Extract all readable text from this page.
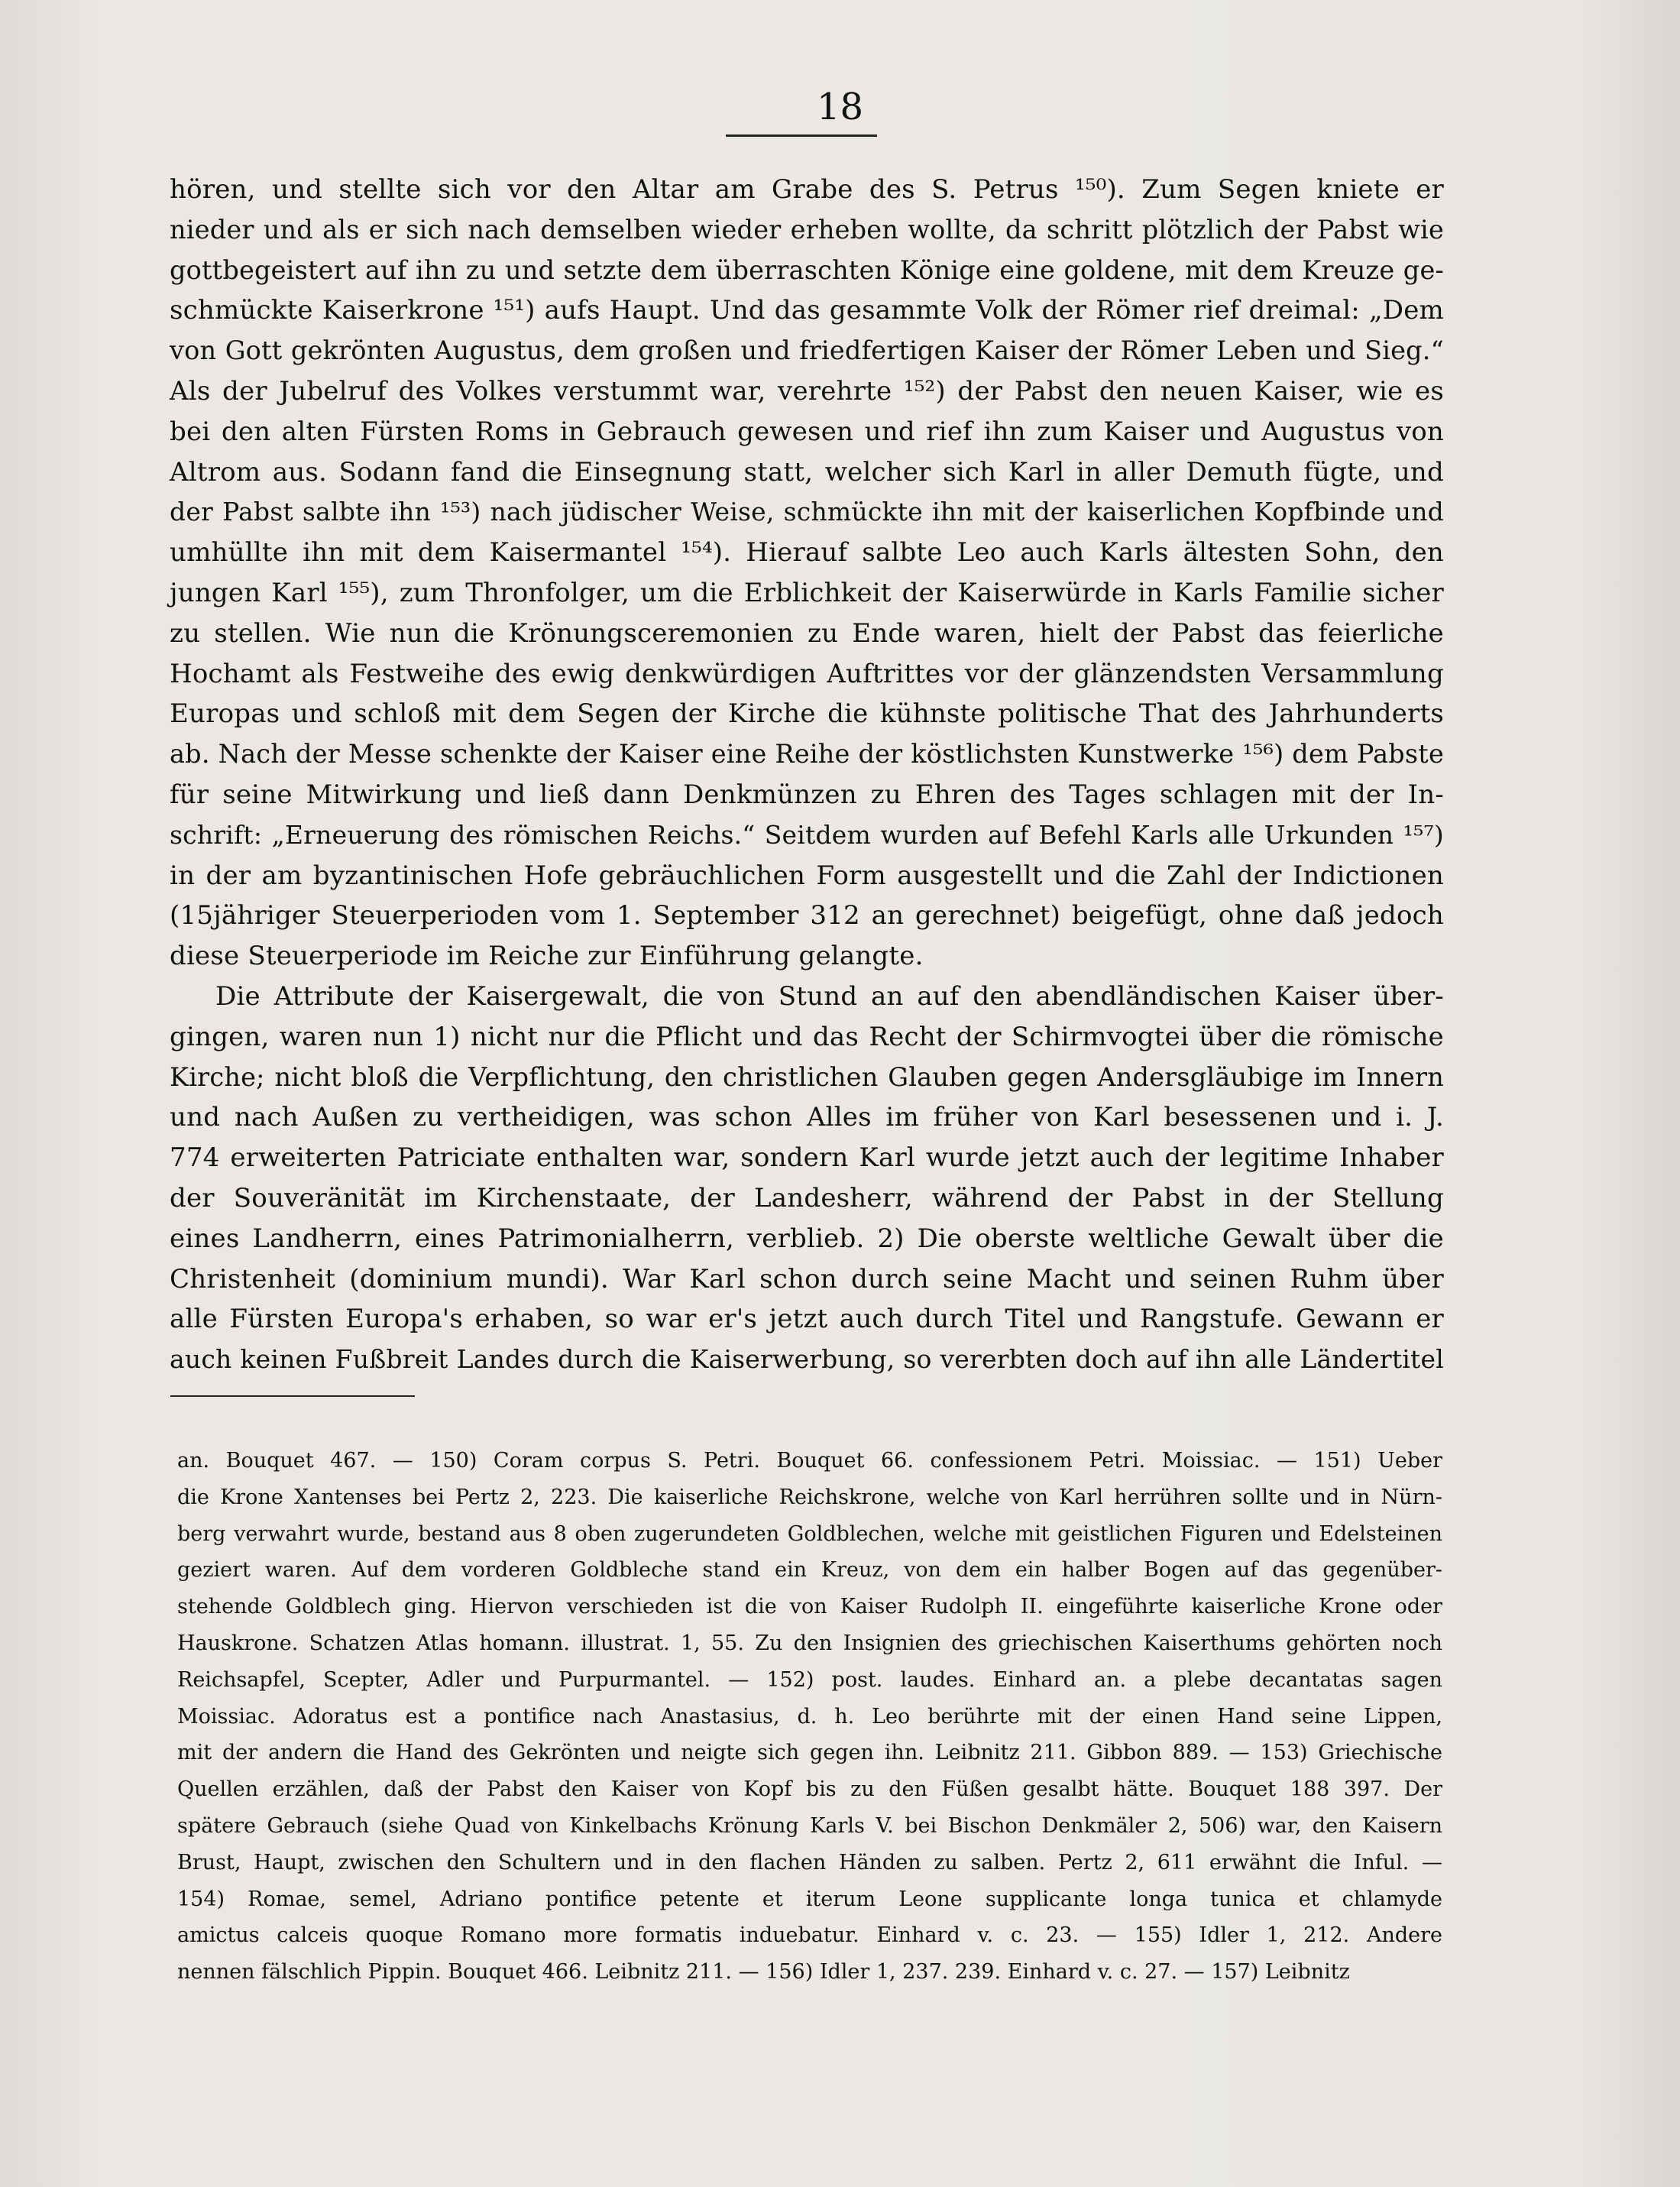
18
hören, und stellte sich vor den Altar am Grabe des S. Petrus ¹⁵⁰). Zum Segen kniete er
nieder und als er sich nach demselben wieder erheben wollte, da schritt plötzlich der Pabst wie
gottbegeistert auf ihn zu und setzte dem überraschten Könige eine goldene, mit dem Kreuze ge-
schmückte Kaiserkrone ¹⁵¹) aufs Haupt. Und das gesammte Volk der Römer rief dreimal: „Dem
von Gott gekrönten Augustus, dem großen und friedfertigen Kaiser der Römer Leben und Sieg.“
Als der Jubelruf des Volkes verstummt war, verehrte ¹⁵²) der Pabst den neuen Kaiser, wie es
bei den alten Fürsten Roms in Gebrauch gewesen und rief ihn zum Kaiser und Augustus von
Altrom aus. Sodann fand die Einsegnung statt, welcher sich Karl in aller Demuth fügte, und
der Pabst salbte ihn ¹⁵³) nach jüdischer Weise, schmückte ihn mit der kaiserlichen Kopfbinde und
umhüllte ihn mit dem Kaisermantel ¹⁵⁴). Hierauf salbte Leo auch Karls ältesten Sohn, den
jungen Karl ¹⁵⁵), zum Thronfolger, um die Erblichkeit der Kaiserwürde in Karls Familie sicher
zu stellen. Wie nun die Krönungsceremonien zu Ende waren, hielt der Pabst das feierliche
Hochamt als Festweihe des ewig denkwürdigen Auftrittes vor der glänzendsten Versammlung
Europas und schloß mit dem Segen der Kirche die kühnste politische That des Jahrhunderts
ab. Nach der Messe schenkte der Kaiser eine Reihe der köstlichsten Kunstwerke ¹⁵⁶) dem Pabste
für seine Mitwirkung und ließ dann Denkmünzen zu Ehren des Tages schlagen mit der In-
schrift: „Erneuerung des römischen Reichs.“ Seitdem wurden auf Befehl Karls alle Urkunden ¹⁵⁷)
in der am byzantinischen Hofe gebräuchlichen Form ausgestellt und die Zahl der Indictionen
(15jähriger Steuerperioden vom 1. September 312 an gerechnet) beigefügt, ohne daß jedoch
diese Steuerperiode im Reiche zur Einführung gelangte.
Die Attribute der Kaisergewalt, die von Stund an auf den abendländischen Kaiser über-
gingen, waren nun 1) nicht nur die Pflicht und das Recht der Schirmvogtei über die römische
Kirche; nicht bloß die Verpflichtung, den christlichen Glauben gegen Andersgläubige im Innern
und nach Außen zu vertheidigen, was schon Alles im früher von Karl besessenen und i. J.
774 erweiterten Patriciate enthalten war, sondern Karl wurde jetzt auch der legitime Inhaber
der Souveränität im Kirchenstaate, der Landesherr, während der Pabst in der Stellung
eines Landherrn, eines Patrimonialherrn, verblieb. 2) Die oberste weltliche Gewalt über die
Christenheit (dominium mundi). War Karl schon durch seine Macht und seinen Ruhm über
alle Fürsten Europa's erhaben, so war er's jetzt auch durch Titel und Rangstufe. Gewann er
auch keinen Fußbreit Landes durch die Kaiserwerbung, so vererbten doch auf ihn alle Ländertitel
an. Bouquet 467. — 150) Coram corpus S. Petri. Bouquet 66. confessionem Petri. Moissiac. — 151) Ueber
die Krone Xantenses bei Pertz 2, 223. Die kaiserliche Reichskrone, welche von Karl herrühren sollte und in Nürn-
berg verwahrt wurde, bestand aus 8 oben zugerundeten Goldblechen, welche mit geistlichen Figuren und Edelsteinen
geziert waren. Auf dem vorderen Goldbleche stand ein Kreuz, von dem ein halber Bogen auf das gegenüber-
stehende Goldblech ging. Hiervon verschieden ist die von Kaiser Rudolph II. eingeführte kaiserliche Krone oder
Hauskrone. Schatzen Atlas homann. illustrat. 1, 55. Zu den Insignien des griechischen Kaiserthums gehörten noch
Reichsapfel, Scepter, Adler und Purpurmantel. — 152) post. laudes. Einhard an. a plebe decantatas sagen
Moissiac. Adoratus est a pontifice nach Anastasius, d. h. Leo berührte mit der einen Hand seine Lippen,
mit der andern die Hand des Gekrönten und neigte sich gegen ihn. Leibnitz 211. Gibbon 889. — 153) Griechische
Quellen erzählen, daß der Pabst den Kaiser von Kopf bis zu den Füßen gesalbt hätte. Bouquet 188 397. Der
spätere Gebrauch (siehe Quad von Kinkelbachs Krönung Karls V. bei Bischon Denkmäler 2, 506) war, den Kaisern
Brust, Haupt, zwischen den Schultern und in den flachen Händen zu salben. Pertz 2, 611 erwähnt die Inful. —
154) Romae, semel, Adriano pontifice petente et iterum Leone supplicante longa tunica et chlamyde
amictus calceis quoque Romano more formatis induebatur. Einhard v. c. 23. — 155) Idler 1, 212. Andere
nennen fälschlich Pippin. Bouquet 466. Leibnitz 211. — 156) Idler 1, 237. 239. Einhard v. c. 27. — 157) Leibnitz
